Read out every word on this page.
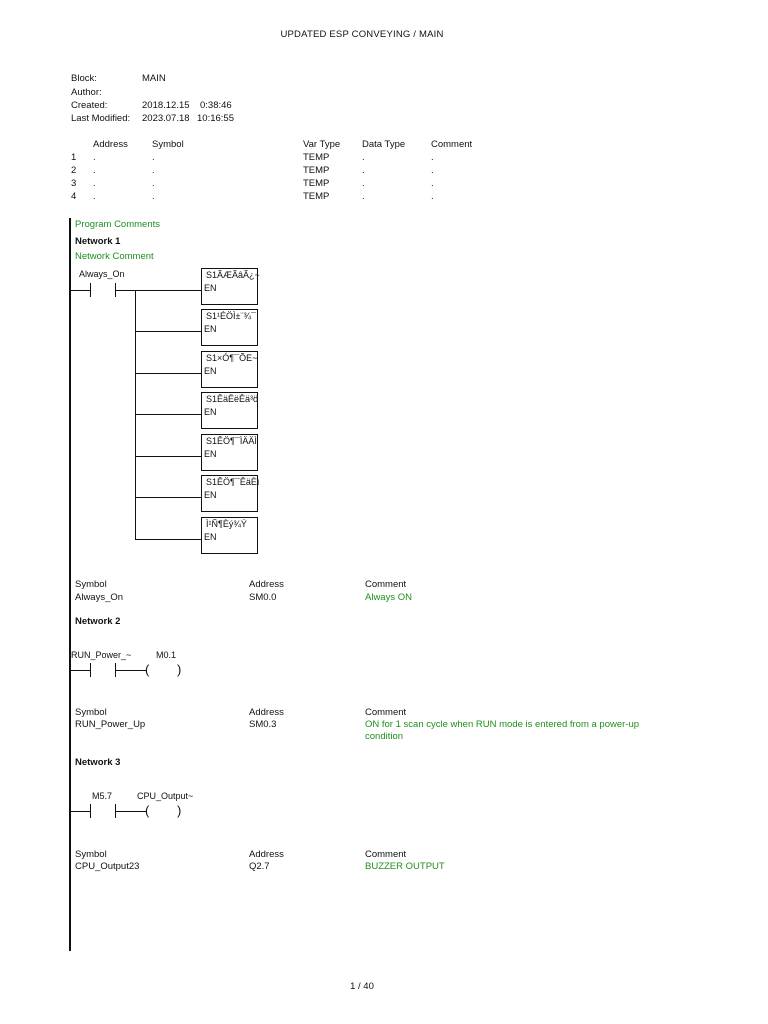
UPDATED ESP CONVEYING / MAIN
Block:	MAIN
Author:
Created:	2018.12.15 0:38:46
Last Modified: 2023.07.18 10:16:55
Address	Symbol	Var Type Data Type	Comment
1 .	.	TEMP	.	.
2 .	.	TEMP	.	.
3 .	.	TEMP	.	.
4 .	.	TEMP	.	.
Program Comments
Network 1
Network Comment
Always_On	S1ÃÆÃâÃ¿~
EN
S1¹ÉÖÌ±¨¾¯
EN
S1×Ó¶¯ÕE~
EN
S1ÊäËëÊä³ö
EN
S1ÊÖ¶¯ÌÄÄÌ
EN
S1ÊÖ¶¯ÊäÈì
EN
Ì¹Ñ¶Èý¾Ý
EN
Symbol	Address	Comment
Always_On	SM0.0	Always ON
Network 2
RUN_Power_~	M0.1
( )
Symbol	Address	Comment
RUN_Power_Up	SM0.3	ON for 1 scan cycle when RUN mode is entered from a power-up
condition
Network 3
M5.7	CPU_Output~
( )
Symbol	Address	Comment
CPU_Output23	Q2.7	BUZZER OUTPUT
1 / 40
